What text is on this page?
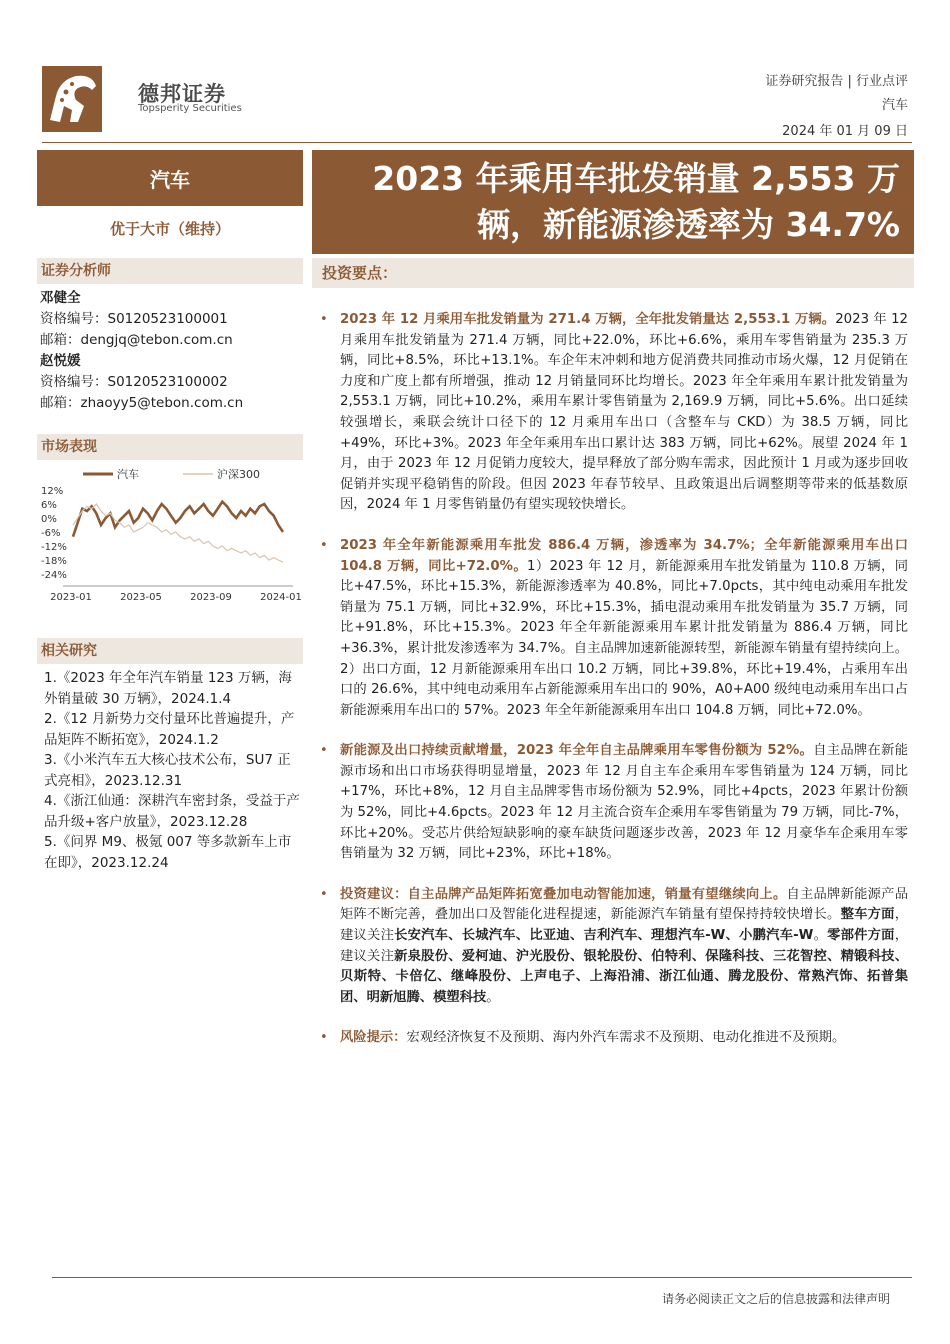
德邦证券
Topsperity Securities
证券研究报告 | 行业点评
汽车
2024 年 01 月 09 日
汽车
优于大市（维持）
证券分析师
邓健全
资格编号：S0120523100001
邮箱：dengjq@tebon.com.cn
赵悦媛
资格编号：S0120523100002
邮箱：zhaoyy5@tebon.com.cn
市场表现
汽车	沪深300
12%
6%
0%
-6%
-12%
-18%
-24%
2023-01	2023-05	2023-09	2024-01
相关研究
1.《2023 年全年汽车销量 123 万辆，海外销量破 30 万辆》，2024.1.4
2.《12 月新势力交付量环比普遍提升，产品矩阵不断拓宽》，2024.1.2
3.《小米汽车五大核心技术公布，SU7 正式亮相》，2023.12.31
4.《浙江仙通：深耕汽车密封条，受益于产品升级+客户放量》，2023.12.28
5.《问界 M9、极氪 007 等多款新车上市在即》，2023.12.24
2023 年乘用车批发销量 2,553 万
辆，新能源渗透率为 34.7%
投资要点：
• 2023 年 12 月乘用车批发销量为 271.4 万辆，全年批发销量达 2,553.1 万辆。2023 年 12 月乘用车批发销量为 271.4 万辆，同比+22.0%，环比+6.6%，乘用车零售销量为 235.3 万辆，同比+8.5%，环比+13.1%。车企年末冲刺和地方促消费共同推动市场火爆，12 月促销在力度和广度上都有所增强，推动 12 月销量同环比均增长。2023 年全年乘用车累计批发销量为 2,553.1 万辆，同比+10.2%，乘用车累计零售销量为 2,169.9 万辆，同比+5.6%。出口延续较强增长，乘联会统计口径下的 12 月乘用车出口（含整车与 CKD）为 38.5 万辆，同比+49%，环比+3%。2023 年全年乘用车出口累计达 383 万辆，同比+62%。展望 2024 年 1 月，由于 2023 年 12 月促销力度较大，提早释放了部分购车需求，因此预计 1 月或为逐步回收促销并实现平稳销售的阶段。但因 2023 年春节较早、且政策退出后调整期等带来的低基数原因，2024 年 1 月零售销量仍有望实现较快增长。
• 2023 年全年新能源乘用车批发 886.4 万辆，渗透率为 34.7%；全年新能源乘用车出口 104.8 万辆，同比+72.0%。1）2023 年 12 月，新能源乘用车批发销量为 110.8 万辆，同比+47.5%，环比+15.3%，新能源渗透率为 40.8%，同比+7.0pcts，其中纯电动乘用车批发销量为 75.1 万辆，同比+32.9%，环比+15.3%，插电混动乘用车批发销量为 35.7 万辆，同比+91.8%，环比+15.3%。2023 年全年新能源乘用车累计批发销量为 886.4 万辆，同比+36.3%，累计批发渗透率为 34.7%。自主品牌加速新能源转型，新能源车销量有望持续向上。2）出口方面，12 月新能源乘用车出口 10.2 万辆，同比+39.8%，环比+19.4%，占乘用车出口的 26.6%，其中纯电动乘用车占新能源乘用车出口的 90%，A0+A00 级纯电动乘用车出口占新能源乘用车出口的 57%。2023 年全年新能源乘用车出口 104.8 万辆，同比+72.0%。
• 新能源及出口持续贡献增量，2023 年全年自主品牌乘用车零售份额为 52%。自主品牌在新能源市场和出口市场获得明显增量，2023 年 12 月自主车企乘用车零售销量为 124 万辆，同比+17%，环比+8%，12 月自主品牌零售市场份额为 52.9%，同比+4pcts，2023 年累计份额为 52%，同比+4.6pcts。2023 年 12 月主流合资车企乘用车零售销量为 79 万辆，同比-7%，环比+20%。受芯片供给短缺影响的豪车缺货问题逐步改善，2023 年 12 月豪华车企乘用车零售销量为 32 万辆，同比+23%，环比+18%。
• 投资建议：自主品牌产品矩阵拓宽叠加电动智能加速，销量有望继续向上。自主品牌新能源产品矩阵不断完善，叠加出口及智能化进程提速，新能源汽车销量有望保持持较快增长。整车方面，建议关注长安汽车、长城汽车、比亚迪、吉利汽车、理想汽车-W、小鹏汽车-W。零部件方面，建议关注新泉股份、爱柯迪、沪光股份、银轮股份、伯特利、保隆科技、三花智控、精锻科技、贝斯特、卡倍亿、继峰股份、上声电子、上海沿浦、浙江仙通、腾龙股份、常熟汽饰、拓普集团、明新旭腾、模塑科技。
• 风险提示：宏观经济恢复不及预期、海内外汽车需求不及预期、电动化推进不及预期。
请务必阅读正文之后的信息披露和法律声明
